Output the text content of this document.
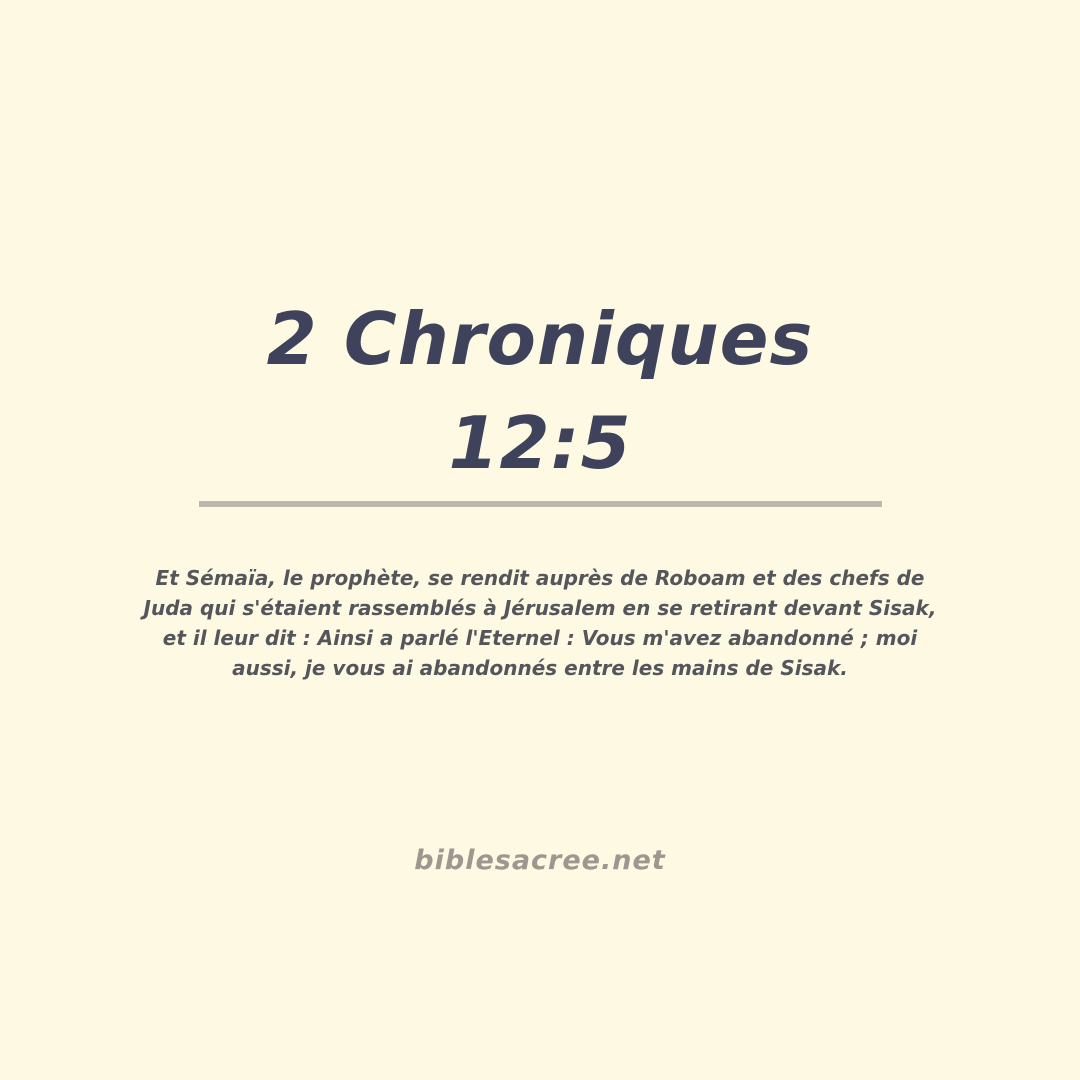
2 Chroniques
12:5
Et Sémaïa, le prophète, se rendit auprès de Roboam et des chefs de
Juda qui s'étaient rassemblés à Jérusalem en se retirant devant Sisak,
et il leur dit : Ainsi a parlé l'Eternel : Vous m'avez abandonné ; moi
aussi, je vous ai abandonnés entre les mains de Sisak.
biblesacree.net
